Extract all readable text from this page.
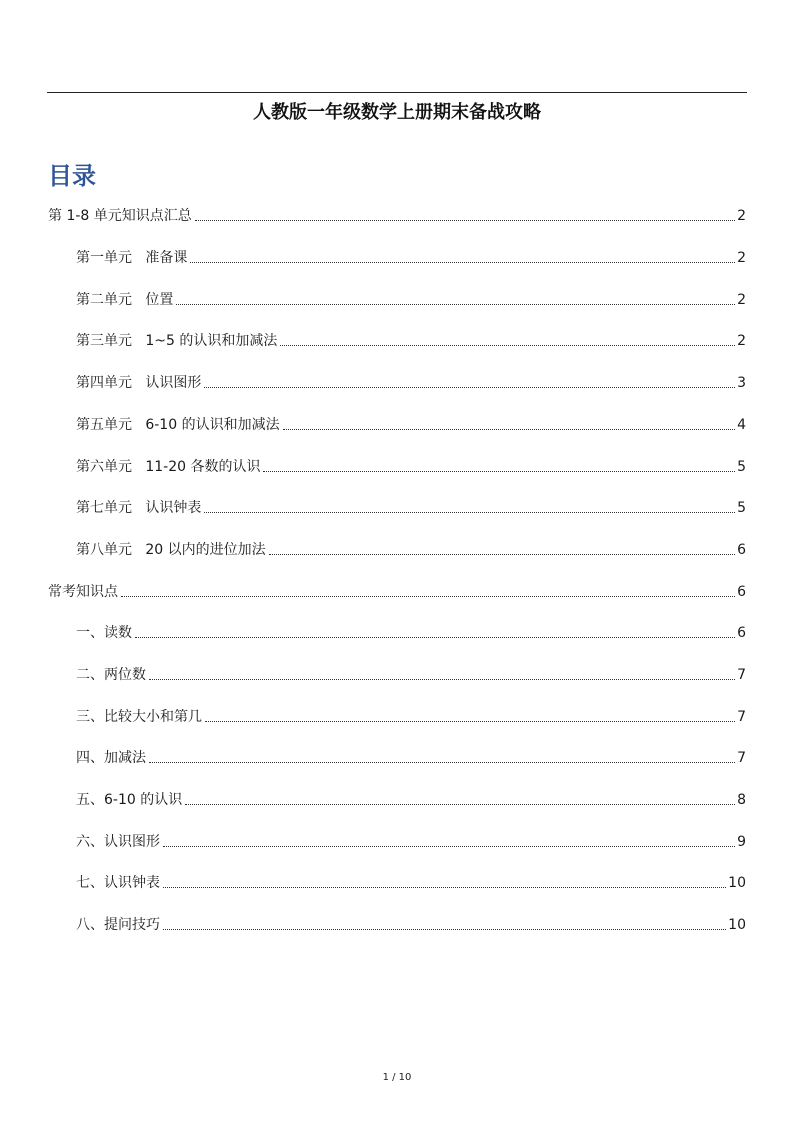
人教版一年级数学上册期末备战攻略
目录
第 1-8 单元知识点汇总	2
第一单元   准备课	2
第二单元   位置	2
第三单元   1~5 的认识和加减法	2
第四单元   认识图形	3
第五单元   6-10 的认识和加减法	4
第六单元   11-20 各数的认识	5
第七单元   认识钟表	5
第八单元   20 以内的进位加法	6
常考知识点	6
一、读数	6
二、两位数	7
三、比较大小和第几	7
四、加减法	7
五、6-10 的认识	8
六、认识图形	9
七、认识钟表	10
八、提问技巧	10
1 / 10
